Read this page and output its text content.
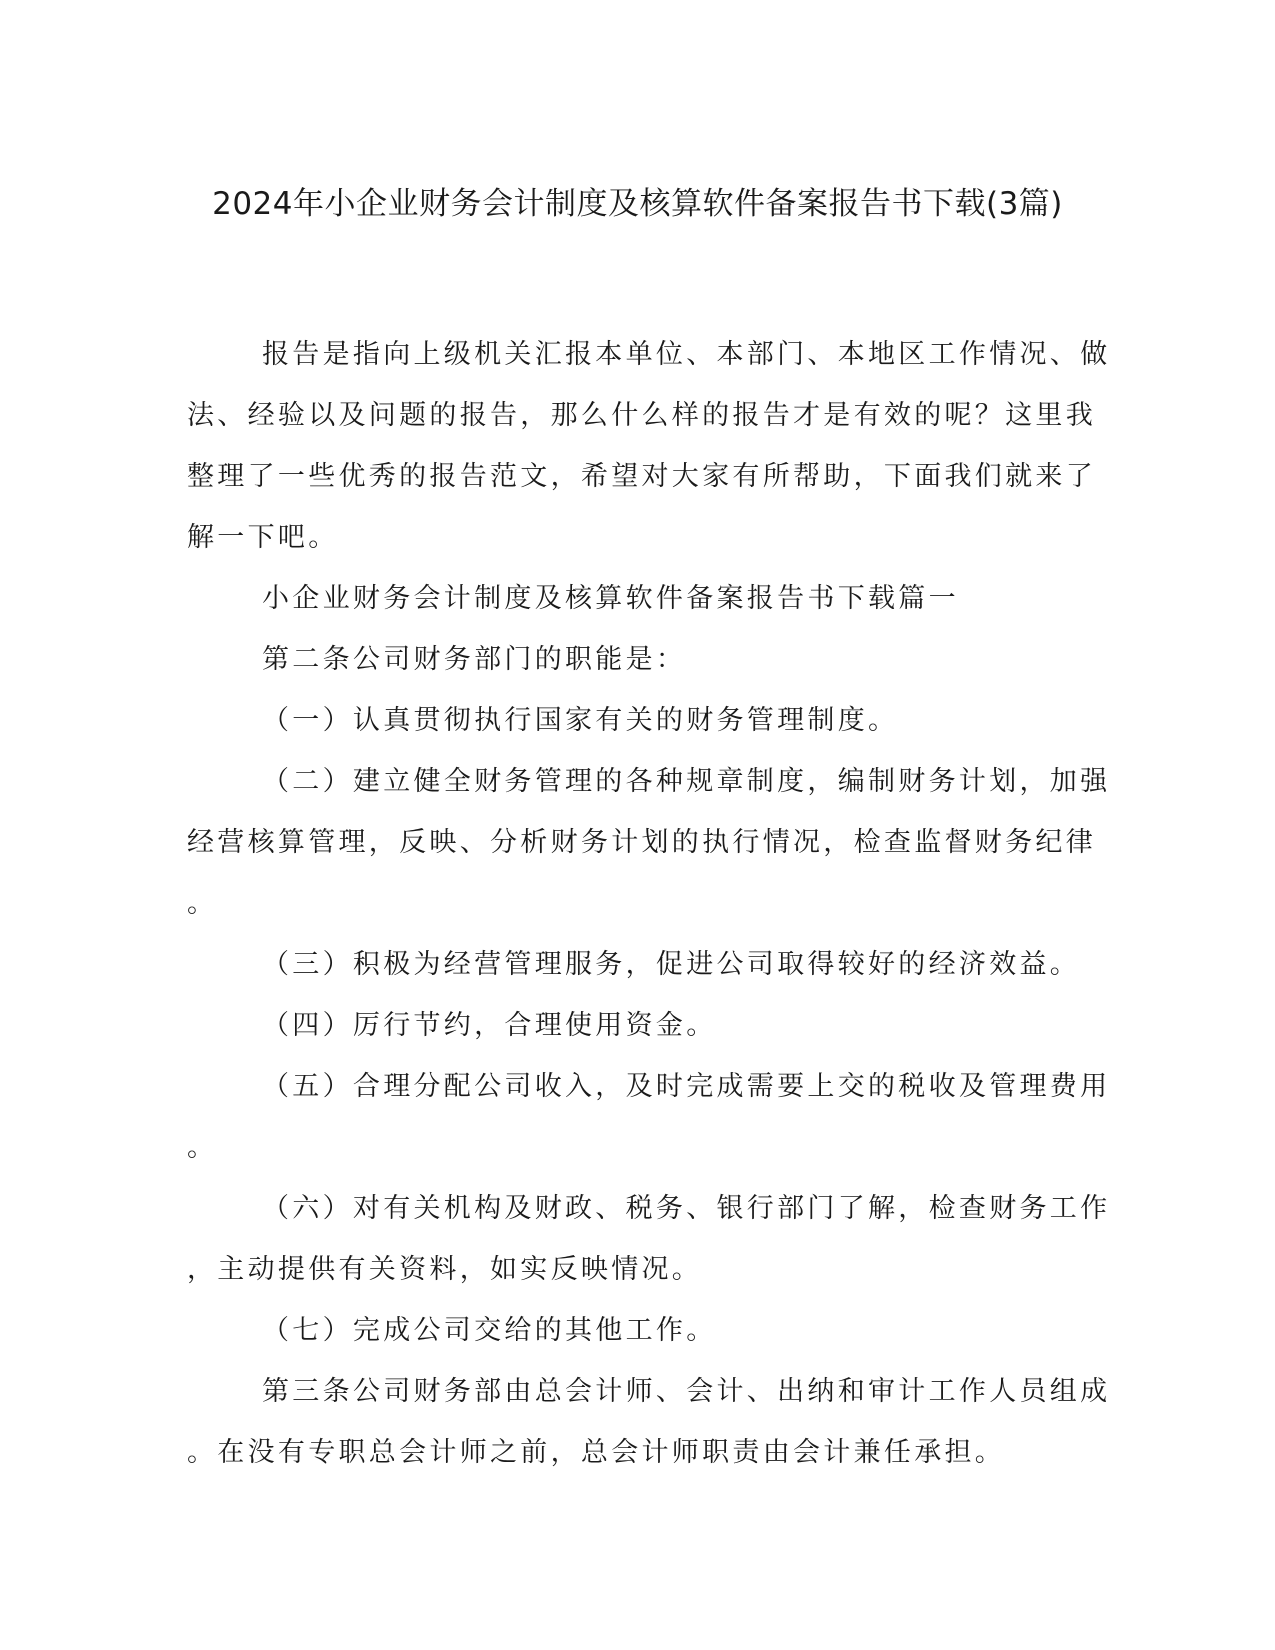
2024年小企业财务会计制度及核算软件备案报告书下载(3篇)
报告是指向上级机关汇报本单位、本部门、本地区工作情况、做
法、经验以及问题的报告，那么什么样的报告才是有效的呢？这里我
整理了一些优秀的报告范文，希望对大家有所帮助，下面我们就来了
解一下吧。
小企业财务会计制度及核算软件备案报告书下载篇一
第二条公司财务部门的职能是：
（一）认真贯彻执行国家有关的财务管理制度。
（二）建立健全财务管理的各种规章制度，编制财务计划，加强
经营核算管理，反映、分析财务计划的执行情况，检查监督财务纪律
。
（三）积极为经营管理服务，促进公司取得较好的经济效益。
（四）厉行节约，合理使用资金。
（五）合理分配公司收入，及时完成需要上交的税收及管理费用
。
（六）对有关机构及财政、税务、银行部门了解，检查财务工作
，主动提供有关资料，如实反映情况。
（七）完成公司交给的其他工作。
第三条公司财务部由总会计师、会计、出纳和审计工作人员组成
。在没有专职总会计师之前，总会计师职责由会计兼任承担。
